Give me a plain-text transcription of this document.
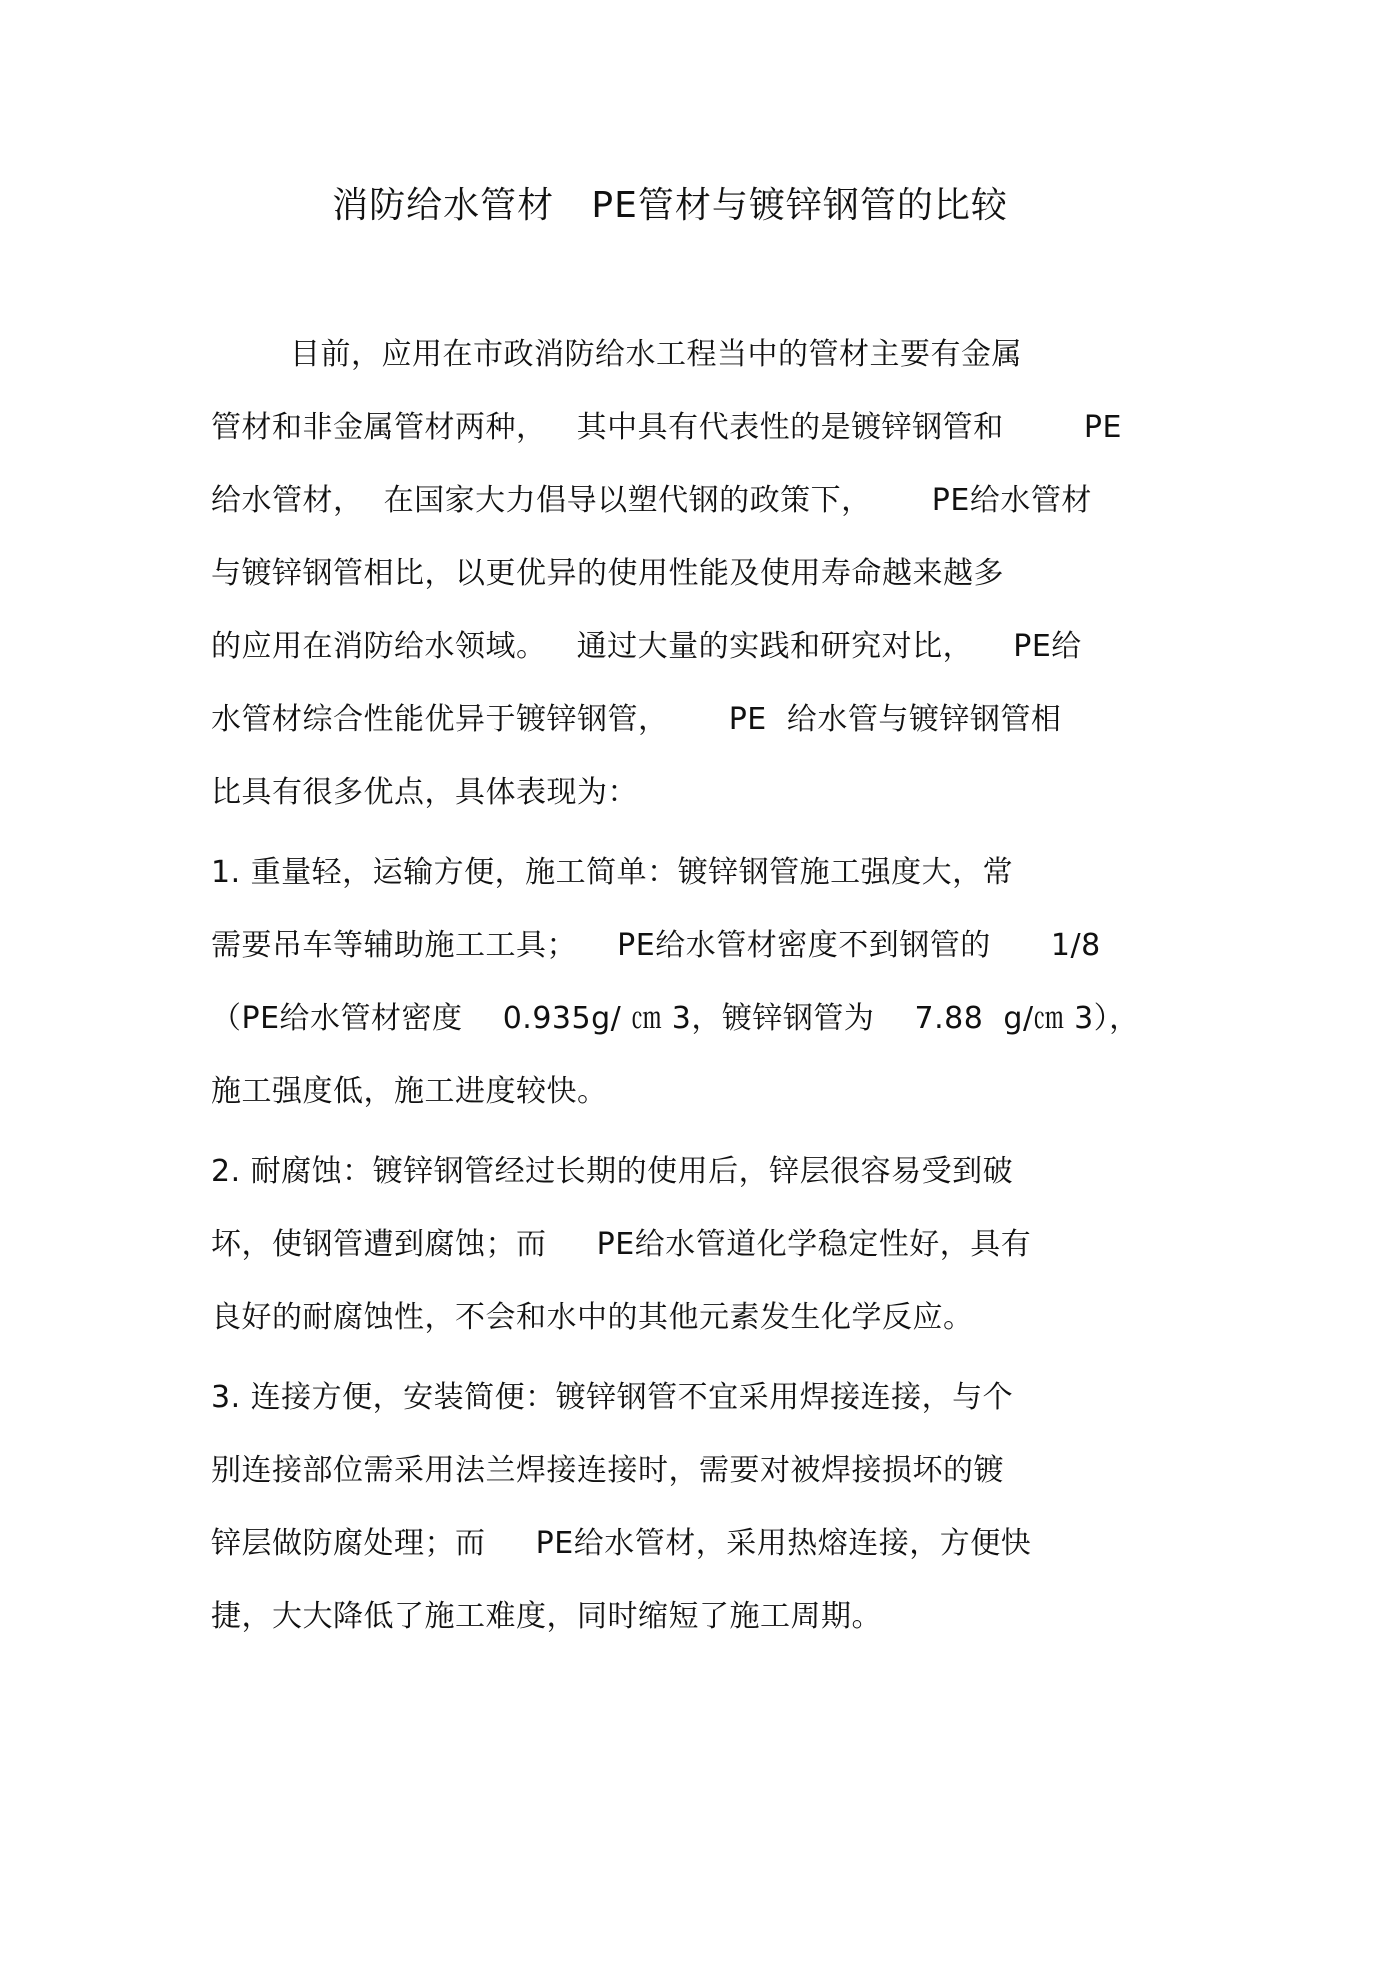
消防给水管材   PE管材与镀锌钢管的比较
目前，应用在市政消防给水工程当中的管材主要有金属
管材和非金属管材两种，   其中具有代表性的是镀锌钢管和        PE
给水管材，  在国家大力倡导以塑代钢的政策下，      PE给水管材
与镀锌钢管相比，以更优异的使用性能及使用寿命越来越多
的应用在消防给水领域。   通过大量的实践和研究对比，    PE给
水管材综合性能优异于镀锌钢管，      PE  给水管与镀锌钢管相
比具有很多优点，具体表现为：
1. 重量轻，运输方便，施工简单：镀锌钢管施工强度大，常
需要吊车等辅助施工工具；    PE给水管材密度不到钢管的      1/8
（PE给水管材密度    0.935g/ ㎝ 3，镀锌钢管为    7.88  g/㎝ 3），
施工强度低，施工进度较快。
2. 耐腐蚀：镀锌钢管经过长期的使用后，锌层很容易受到破
坏，使钢管遭到腐蚀；而     PE给水管道化学稳定性好，具有
良好的耐腐蚀性，不会和水中的其他元素发生化学反应。
3. 连接方便，安装简便：镀锌钢管不宜采用焊接连接，与个
别连接部位需采用法兰焊接连接时，需要对被焊接损坏的镀
锌层做防腐处理；而     PE给水管材，采用热熔连接，方便快
捷，大大降低了施工难度，同时缩短了施工周期。
